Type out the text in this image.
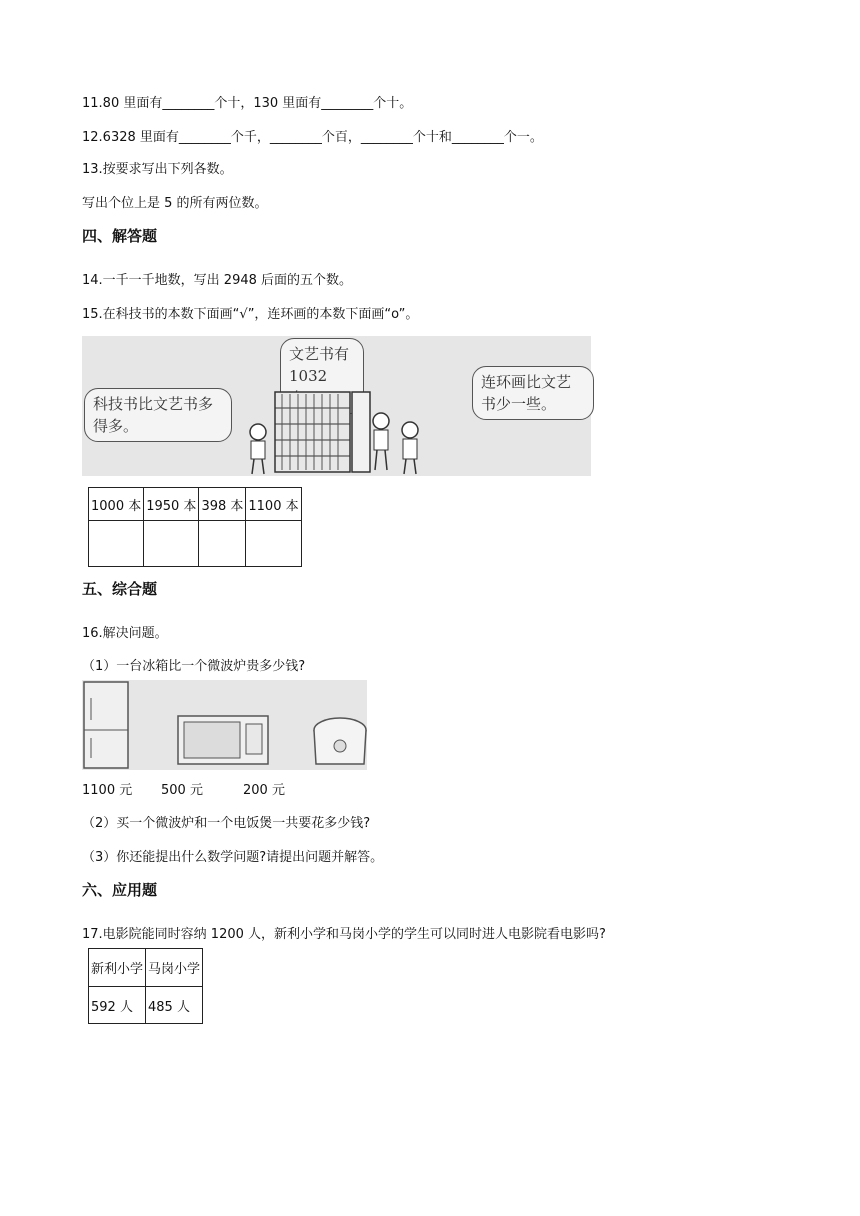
11.80 里面有________个十，130 里面有________个十。
12.6328 里面有________个千，________个百，________个十和________个一。
13.按要求写出下列各数。
写出个位上是 5 的所有两位数。
四、解答题
14.一千一千地数，写出 2948 后面的五个数。
15.在科技书的本数下面画“√”，连环画的本数下面画“o”。
科技书比文艺书多得多。
文艺书有1032	连环画比文艺书少一些。
1000 本	1950 本	398 本	1100 本

五、综合题
16.解决问题。
（1）一台冰箱比一个微波炉贵多少钱?
1100 元 500 元	200 元
（2）买一个微波炉和一个电饭煲一共要花多少钱?
（3）你还能提出什么数学问题?请提出问题并解答。
六、应用题
17.电影院能同时容纳 1200 人，新利小学和马岗小学的学生可以同时进人电影院看电影吗?
新利小学	马岗小学
592 人	485 人
